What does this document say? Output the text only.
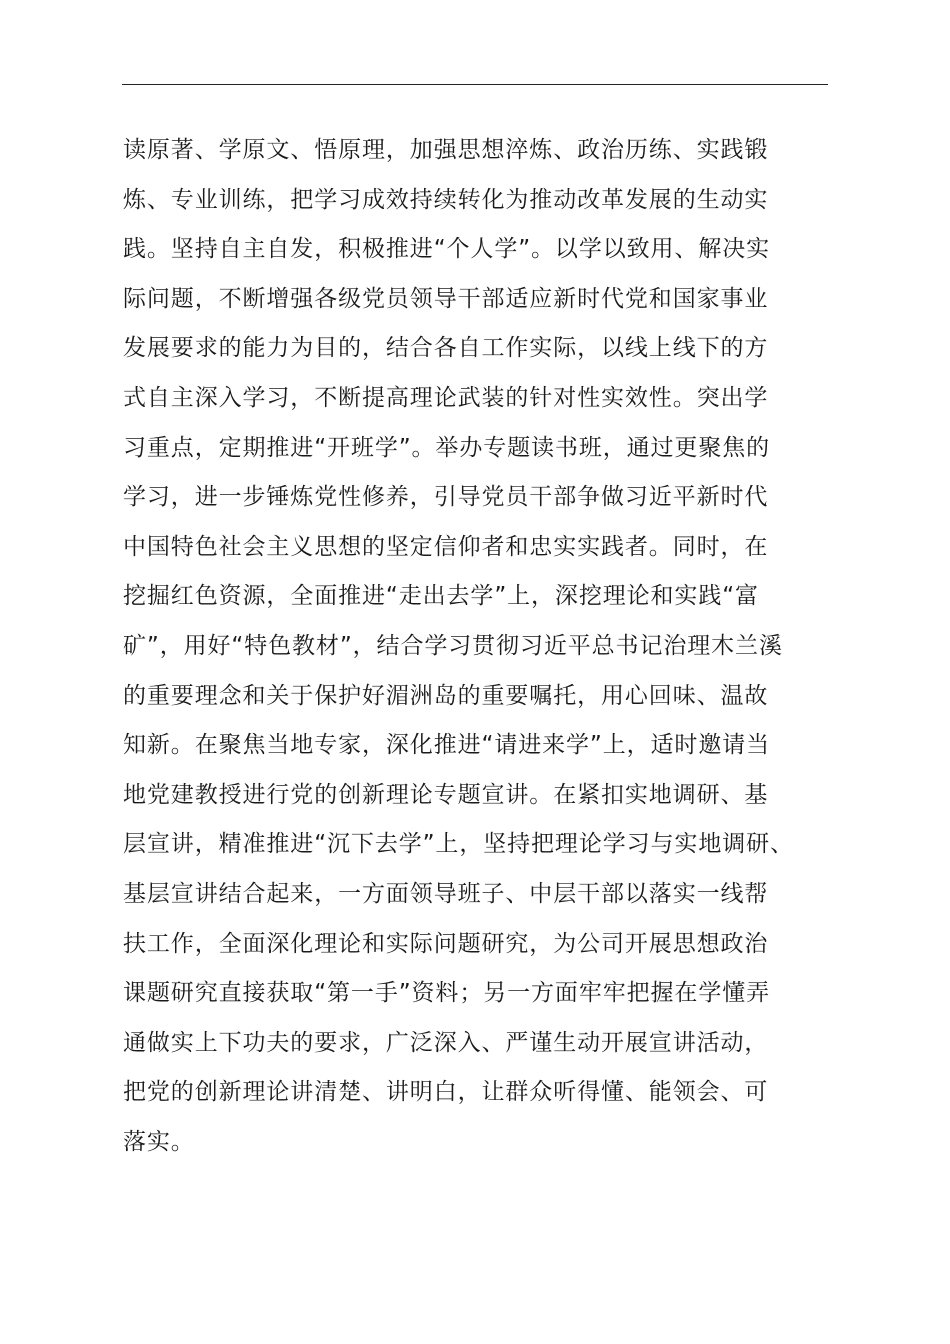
读原著、学原文、悟原理，加强思想淬炼、政治历练、实践锻
炼、专业训练，把学习成效持续转化为推动改革发展的生动实
践。坚持自主自发，积极推进“个人学”。以学以致用、解决实
际问题，不断增强各级党员领导干部适应新时代党和国家事业
发展要求的能力为目的，结合各自工作实际，以线上线下的方
式自主深入学习，不断提高理论武装的针对性实效性。突出学
习重点，定期推进“开班学”。举办专题读书班，通过更聚焦的
学习，进一步锤炼党性修养，引导党员干部争做习近平新时代
中国特色社会主义思想的坚定信仰者和忠实实践者。同时，在
挖掘红色资源，全面推进“走出去学”上，深挖理论和实践“富
矿”，用好“特色教材”，结合学习贯彻习近平总书记治理木兰溪
的重要理念和关于保护好湄洲岛的重要嘱托，用心回味、温故
知新。在聚焦当地专家，深化推进“请进来学”上，适时邀请当
地党建教授进行党的创新理论专题宣讲。在紧扣实地调研、基
层宣讲，精准推进“沉下去学”上，坚持把理论学习与实地调研、
基层宣讲结合起来，一方面领导班子、中层干部以落实一线帮
扶工作，全面深化理论和实际问题研究，为公司开展思想政治
课题研究直接获取“第一手”资料；另一方面牢牢把握在学懂弄
通做实上下功夫的要求，广泛深入、严谨生动开展宣讲活动，
把党的创新理论讲清楚、讲明白，让群众听得懂、能领会、可
落实。
